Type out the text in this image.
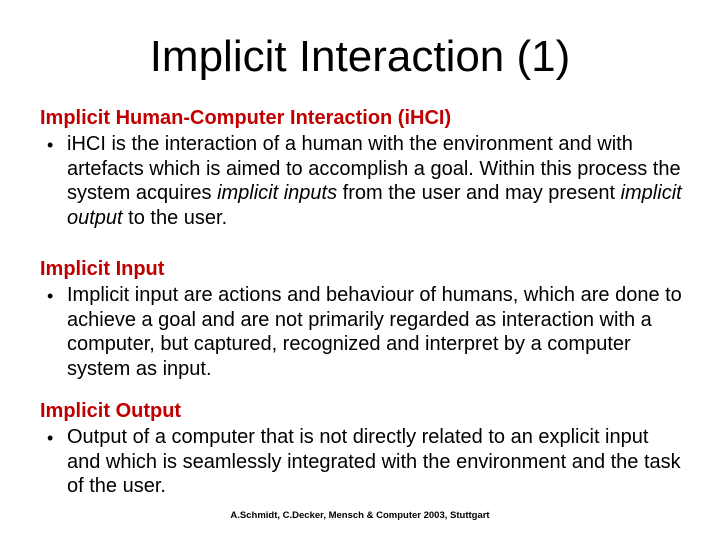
Implicit Interaction (1)
Implicit Human-Computer Interaction (iHCI)
• iHCI is the interaction of a human with the environment and with
artefacts which is aimed to accomplish a goal. Within this process the
system acquires implicit inputs from the user and may present implicit
output to the user.
Implicit Input
• Implicit input are actions and behaviour of humans, which are done to
achieve a goal and are not primarily regarded as interaction with a
computer, but captured, recognized and interpret by a computer
system as input.
Implicit Output
• Output of a computer that is not directly related to an explicit input
and which is seamlessly integrated with the environment and the task
of the user.
A.Schmidt, C.Decker, Mensch & Computer 2003, Stuttgart
